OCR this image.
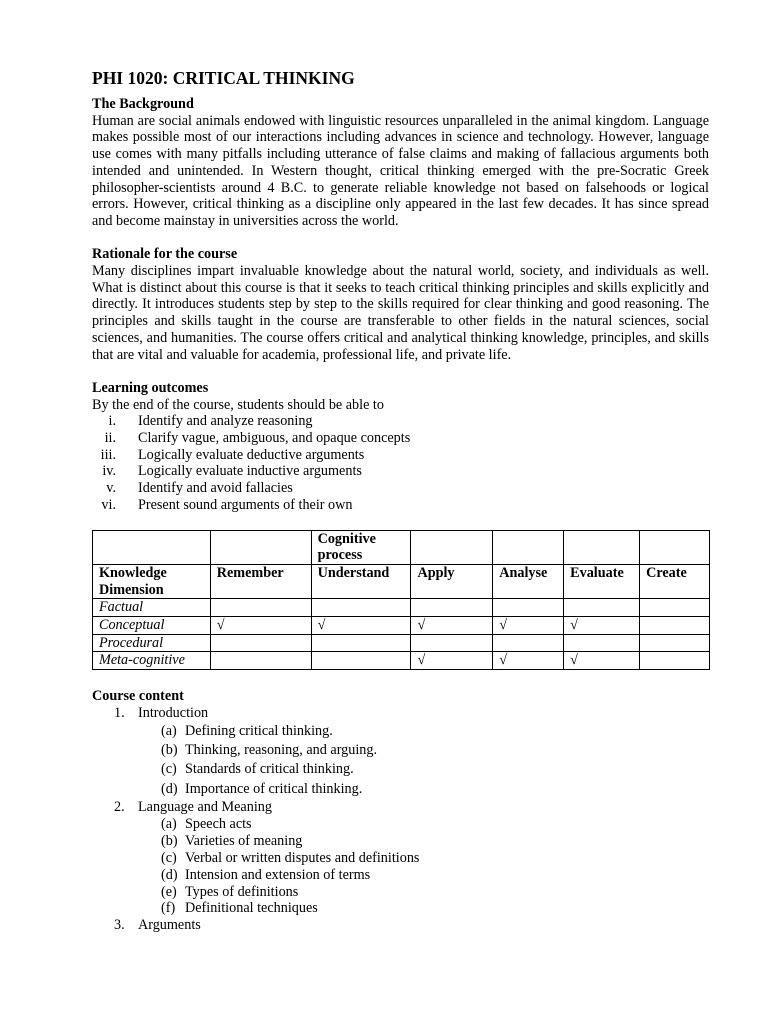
PHI 1020: CRITICAL THINKING
The Background

Human are social animals endowed with linguistic resources unparalleled in the animal kingdom. Language makes possible most of our interactions including advances in science and technology. However, language use comes with many pitfalls including utterance of false claims and making of fallacious arguments both intended and unintended. In Western thought, critical thinking emerged with the pre-Socratic Greek philosopher-scientists around 4 B.C. to generate reliable knowledge not based on falsehoods or logical errors. However, critical thinking as a discipline only appeared in the last few decades. It has since spread and become mainstay in universities across the world.

Rationale for the course

Many disciplines impart invaluable knowledge about the natural world, society, and individuals as well. What is distinct about this course is that it seeks to teach critical thinking principles and skills explicitly and directly. It introduces students step by step to the skills required for clear thinking and good reasoning. The principles and skills taught in the course are transferable to other fields in the natural sciences, social sciences, and humanities. The course offers critical and analytical thinking knowledge, principles, and skills that are vital and valuable for academia, professional life, and private life.

Learning outcomes
By the end of the course, students should be able to
i. Identify and analyze reasoning
ii. Clarify vague, ambiguous, and opaque concepts
iii. Logically evaluate deductive arguments
iv. Logically evaluate inductive arguments
v. Identify and avoid fallacies
vi. Present sound arguments of their own
		Cognitive process				
Knowledge Dimension	Remember	Understand	Apply	Analyse	Evaluate	Create
Factual						
Conceptual	√	√	√	√	√	
Procedural						
Meta-cognitive			√	√	√	
Course content
1. Introduction
(a) Defining critical thinking.
(b) Thinking, reasoning, and arguing.
(c) Standards of critical thinking.
(d) Importance of critical thinking.
2. Language and Meaning
(a) Speech acts
(b) Varieties of meaning
(c) Verbal or written disputes and definitions
(d) Intension and extension of terms
(e) Types of definitions
(f) Definitional techniques
3. Arguments
